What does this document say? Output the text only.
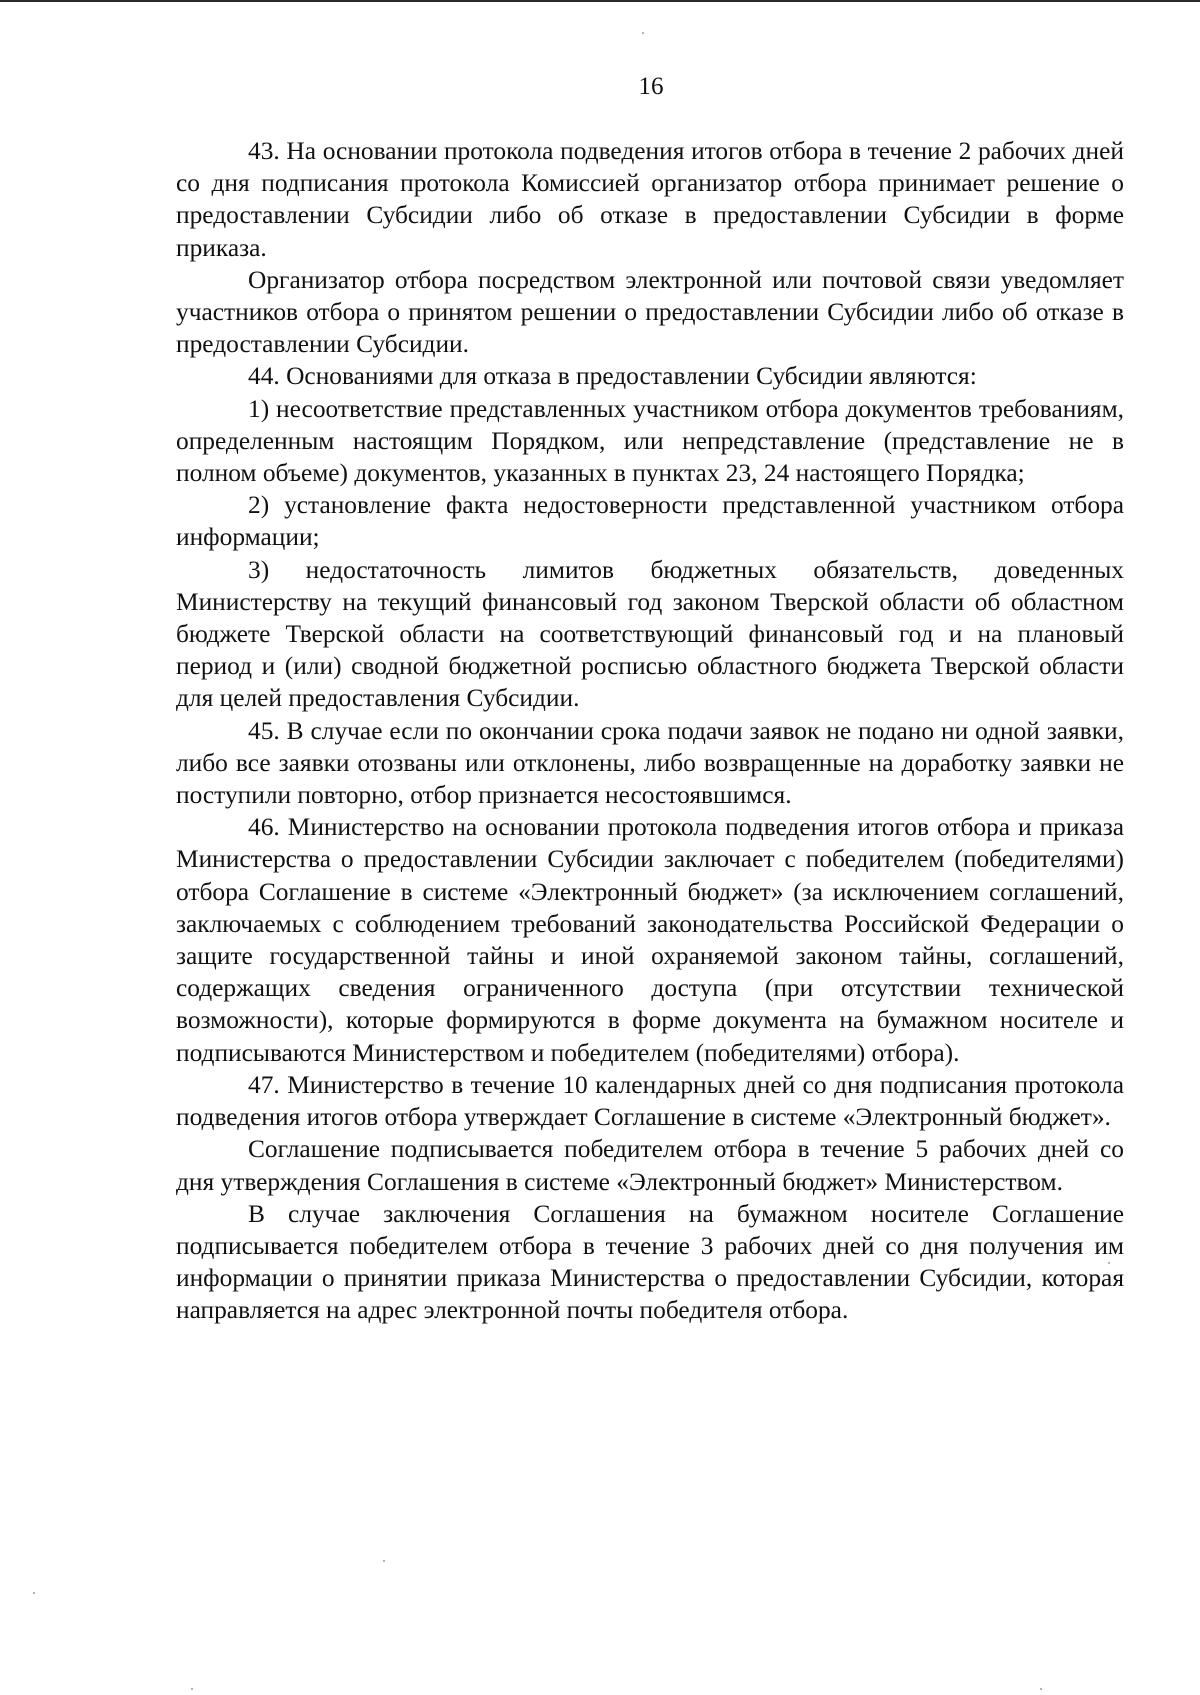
16

43. На основании протокола подведения итогов отбора в течение 2 рабочих дней со дня подписания протокола Комиссией организатор отбора принимает решение о предоставлении Субсидии либо об отказе в предоставлении Субсидии в форме приказа.

Организатор отбора посредством электронной или почтовой связи уведомляет участников отбора о принятом решении о предоставлении Субсидии либо об отказе в предоставлении Субсидии.

44. Основаниями для отказа в предоставлении Субсидии являются:

1) несоответствие представленных участником отбора документов требованиям, определенным настоящим Порядком, или непредставление (представление не в полном объеме) документов, указанных в пунктах 23, 24 настоящего Порядка;

2) установление факта недостоверности представленной участником отбора информации;

3) недостаточность лимитов бюджетных обязательств, доведенных Министерству на текущий финансовый год законом Тверской области об областном бюджете Тверской области на соответствующий финансовый год и на плановый период и (или) сводной бюджетной росписью областного бюджета Тверской области для целей предоставления Субсидии.

45. В случае если по окончании срока подачи заявок не подано ни одной заявки, либо все заявки отозваны или отклонены, либо возвращенные на доработку заявки не поступили повторно, отбор признается несостоявшимся.

46. Министерство на основании протокола подведения итогов отбора и приказа Министерства о предоставлении Субсидии заключает с победителем (победителями) отбора Соглашение в системе «Электронный бюджет» (за исключением соглашений, заключаемых с соблюдением требований законодательства Российской Федерации о защите государственной тайны и иной охраняемой законом тайны, соглашений, содержащих сведения ограниченного доступа (при отсутствии технической возможности), которые формируются в форме документа на бумажном носителе и подписываются Министерством и победителем (победителями) отбора).

47. Министерство в течение 10 календарных дней со дня подписания протокола подведения итогов отбора утверждает Соглашение в системе «Электронный бюджет».

Соглашение подписывается победителем отбора в течение 5 рабочих дней со дня утверждения Соглашения в системе «Электронный бюджет» Министерством.

В случае заключения Соглашения на бумажном носителе Соглашение подписывается победителем отбора в течение 3 рабочих дней со дня получения им информации о принятии приказа Министерства о предоставлении Субсидии, которая направляется на адрес электронной почты победителя отбора.
